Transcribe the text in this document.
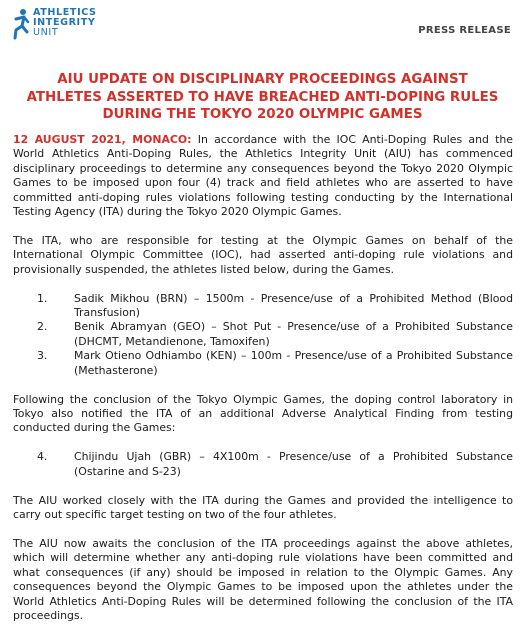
ATHLETICS
INTEGRITY
UNIT	PRESS RELEASE
AIU UPDATE ON DISCIPLINARY PROCEEDINGS AGAINST ATHLETES ASSERTED TO HAVE BREACHED ANTI-DOPING RULES DURING THE TOKYO 2020 OLYMPIC GAMES

12 AUGUST 2021, MONACO: In accordance with the IOC Anti-Doping Rules and the World Athletics Anti-Doping Rules, the Athletics Integrity Unit (AIU) has commenced disciplinary proceedings to determine any consequences beyond the Tokyo 2020 Olympic Games to be imposed upon four (4) track and field athletes who are asserted to have committed anti-doping rules violations following testing conducting by the International Testing Agency (ITA) during the Tokyo 2020 Olympic Games.

The ITA, who are responsible for testing at the Olympic Games on behalf of the International Olympic Committee (IOC), had asserted anti-doping rule violations and provisionally suspended, the athletes listed below, during the Games.

1. Sadik Mikhou (BRN) – 1500m - Presence/use of a Prohibited Method (Blood Transfusion)
2. Benik Abramyan (GEO) – Shot Put - Presence/use of a Prohibited Substance (DHCMT, Metandienone, Tamoxifen)
3. Mark Otieno Odhiambo (KEN) – 100m - Presence/use of a Prohibited Substance (Methasterone)

Following the conclusion of the Tokyo Olympic Games, the doping control laboratory in Tokyo also notified the ITA of an additional Adverse Analytical Finding from testing conducted during the Games:

4. Chijindu Ujah (GBR) – 4X100m - Presence/use of a Prohibited Substance (Ostarine and S-23)

The AIU worked closely with the ITA during the Games and provided the intelligence to carry out specific target testing on two of the four athletes.

The AIU now awaits the conclusion of the ITA proceedings against the above athletes, which will determine whether any anti-doping rule violations have been committed and what consequences (if any) should be imposed in relation to the Olympic Games. Any consequences beyond the Olympic Games to be imposed upon the athletes under the World Athletics Anti-Doping Rules will be determined following the conclusion of the ITA proceedings.
